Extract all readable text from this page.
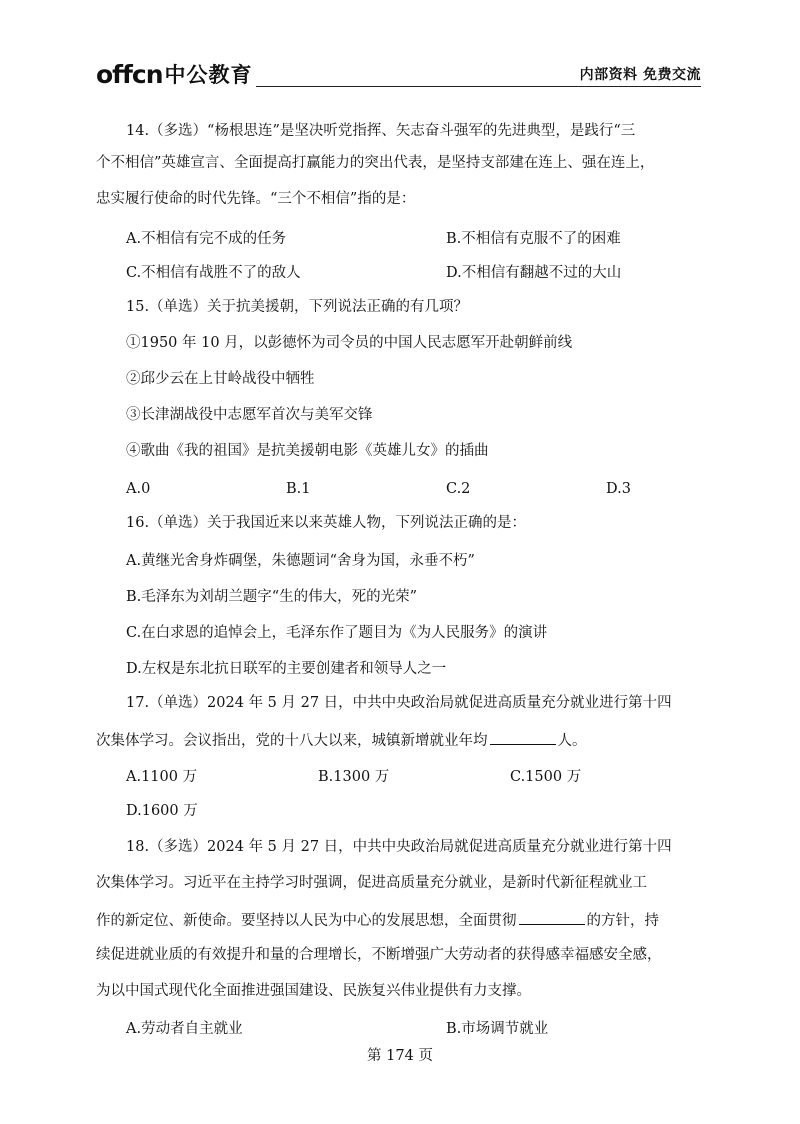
offcn 中公教育	内部资料 免费交流
14.（多选）“杨根思连”是坚决听党指挥、矢志奋斗强军的先进典型，是践行“三
个不相信”英雄宣言、全面提高打赢能力的突出代表，是坚持支部建在连上、强在连上，
忠实履行使命的时代先锋。“三个不相信”指的是：
A.不相信有完不成的任务	B.不相信有克服不了的困难
C.不相信有战胜不了的敌人	D.不相信有翻越不过的大山
15.（单选）关于抗美援朝，下列说法正确的有几项？
①1950 年 10 月，以彭德怀为司令员的中国人民志愿军开赴朝鲜前线
②邱少云在上甘岭战役中牺牲
③长津湖战役中志愿军首次与美军交锋
④歌曲《我的祖国》是抗美援朝电影《英雄儿女》的插曲
A.0	B.1	C.2	D.3
16.（单选）关于我国近来以来英雄人物，下列说法正确的是：
A.黄继光舍身炸碉堡，朱德题词“舍身为国，永垂不朽”
B.毛泽东为刘胡兰题字“生的伟大，死的光荣”
C.在白求恩的追悼会上，毛泽东作了题目为《为人民服务》的演讲
D.左权是东北抗日联军的主要创建者和领导人之一
17.（单选）2024 年 5 月 27 日，中共中央政治局就促进高质量充分就业进行第十四
次集体学习。会议指出，党的十八大以来，城镇新增就业年均	人。
A.1100 万	B.1300 万	C.1500 万
D.1600 万
18.（多选）2024 年 5 月 27 日，中共中央政治局就促进高质量充分就业进行第十四
次集体学习。习近平在主持学习时强调，促进高质量充分就业，是新时代新征程就业工
作的新定位、新使命。要坚持以人民为中心的发展思想，全面贯彻	的方针，持
续促进就业质的有效提升和量的合理增长，不断增强广大劳动者的获得感幸福感安全感，
为以中国式现代化全面推进强国建设、民族复兴伟业提供有力支撑。
A.劳动者自主就业	B.市场调节就业
第 174 页
